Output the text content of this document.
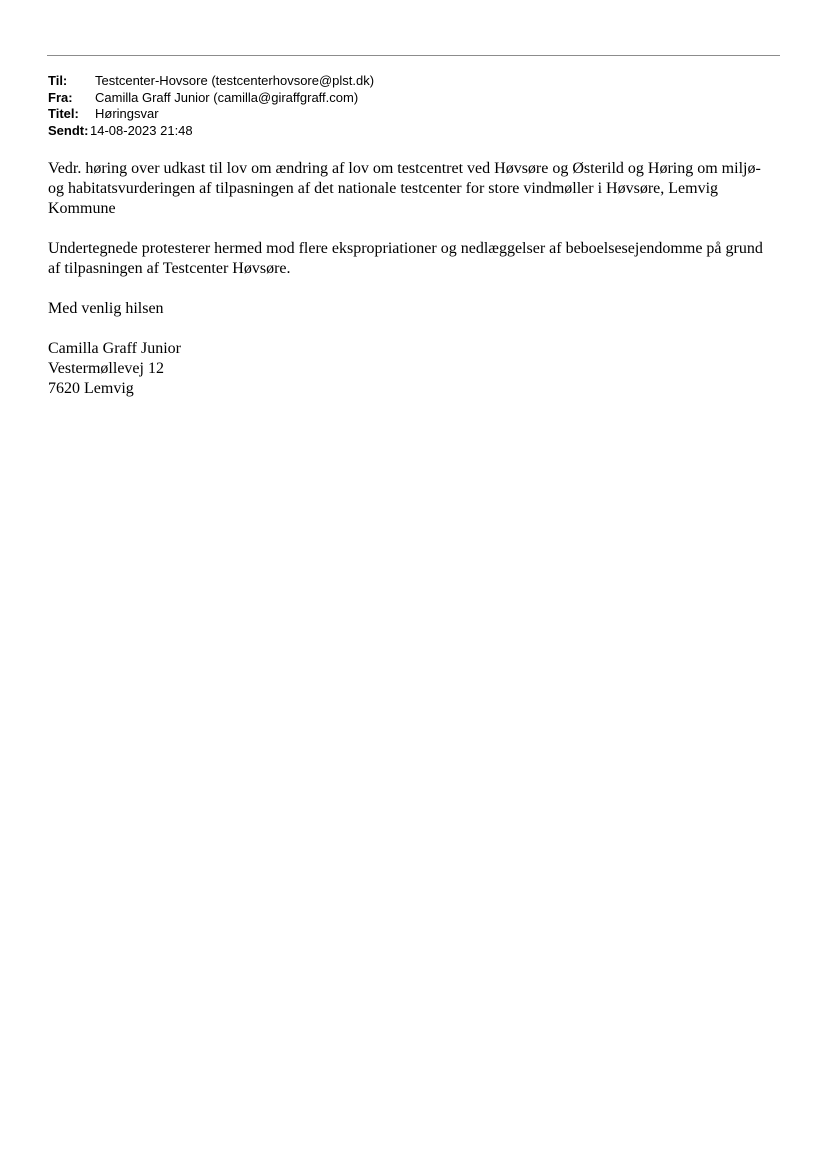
Til:	Testcenter-Hovsore (testcenterhovsore@plst.dk)
Fra:	Camilla Graff Junior (camilla@giraffgraff.com)
Titel:	Høringsvar
Sendt: 14-08-2023 21:48

Vedr. høring over udkast til lov om ændring af lov om testcentret ved Høvsøre og Østerild og Høring om miljø- og habitatsvurderingen af tilpasningen af det nationale testcenter for store vindmøller i Høvsøre, Lemvig Kommune

Undertegnede protesterer hermed mod flere ekspropriationer og nedlæggelser af beboelsesejendomme på grund af tilpasningen af Testcenter Høvsøre.

Med venlig hilsen

Camilla Graff Junior
Vestermøllevej 12
7620 Lemvig
